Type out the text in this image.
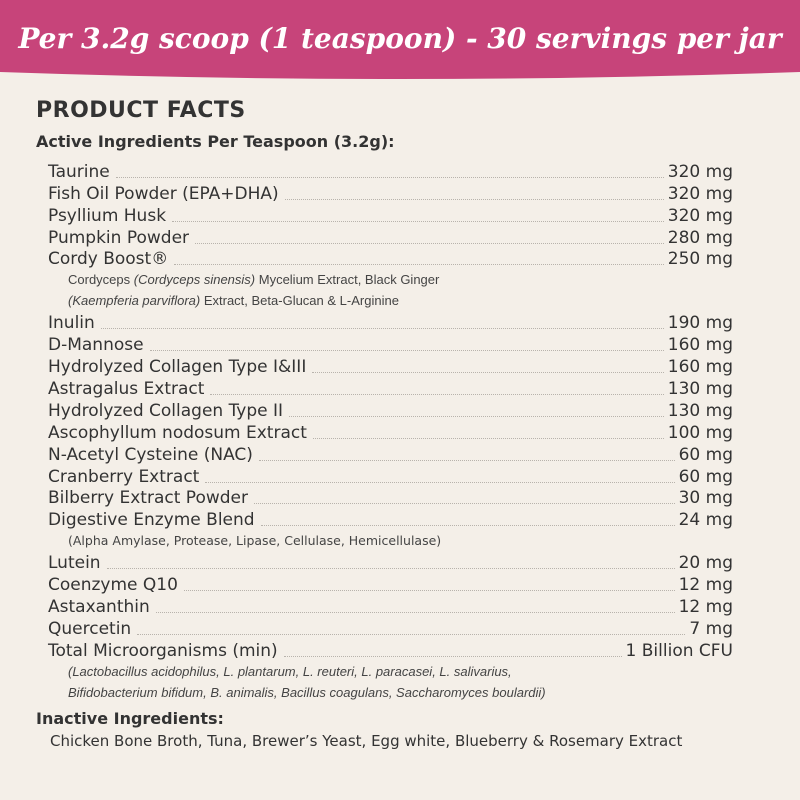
Per 3.2g scoop (1 teaspoon) - 30 servings per jar
PRODUCT FACTS
Active Ingredients Per Teaspoon (3.2g):
Taurine	320 mg
Fish Oil Powder (EPA+DHA)	320 mg
Psyllium Husk	320 mg
Pumpkin Powder	280 mg
Cordy Boost®	250 mg
Cordyceps (Cordyceps sinensis) Mycelium Extract, Black Ginger
(Kaempferia parviflora) Extract, Beta-Glucan & L-Arginine
Inulin	190 mg
D-Mannose	160 mg
Hydrolyzed Collagen Type I&III	160 mg
Astragalus Extract	130 mg
Hydrolyzed Collagen Type II	130 mg
Ascophyllum nodosum Extract	100 mg
N-Acetyl Cysteine (NAC)	60 mg
Cranberry Extract	60 mg
Bilberry Extract Powder	30 mg
Digestive Enzyme Blend	24 mg
(Alpha Amylase, Protease, Lipase, Cellulase, Hemicellulase)
Lutein	20 mg
Coenzyme Q10	12 mg
Astaxanthin	12 mg
Quercetin	7 mg
Total Microorganisms (min)	1 Billion CFU
(Lactobacillus acidophilus, L. plantarum, L. reuteri, L. paracasei, L. salivarius,
Bifidobacterium bifidum, B. animalis, Bacillus coagulans, Saccharomyces boulardii)
Inactive Ingredients:
Chicken Bone Broth, Tuna, Brewer’s Yeast, Egg white, Blueberry & Rosemary Extract
